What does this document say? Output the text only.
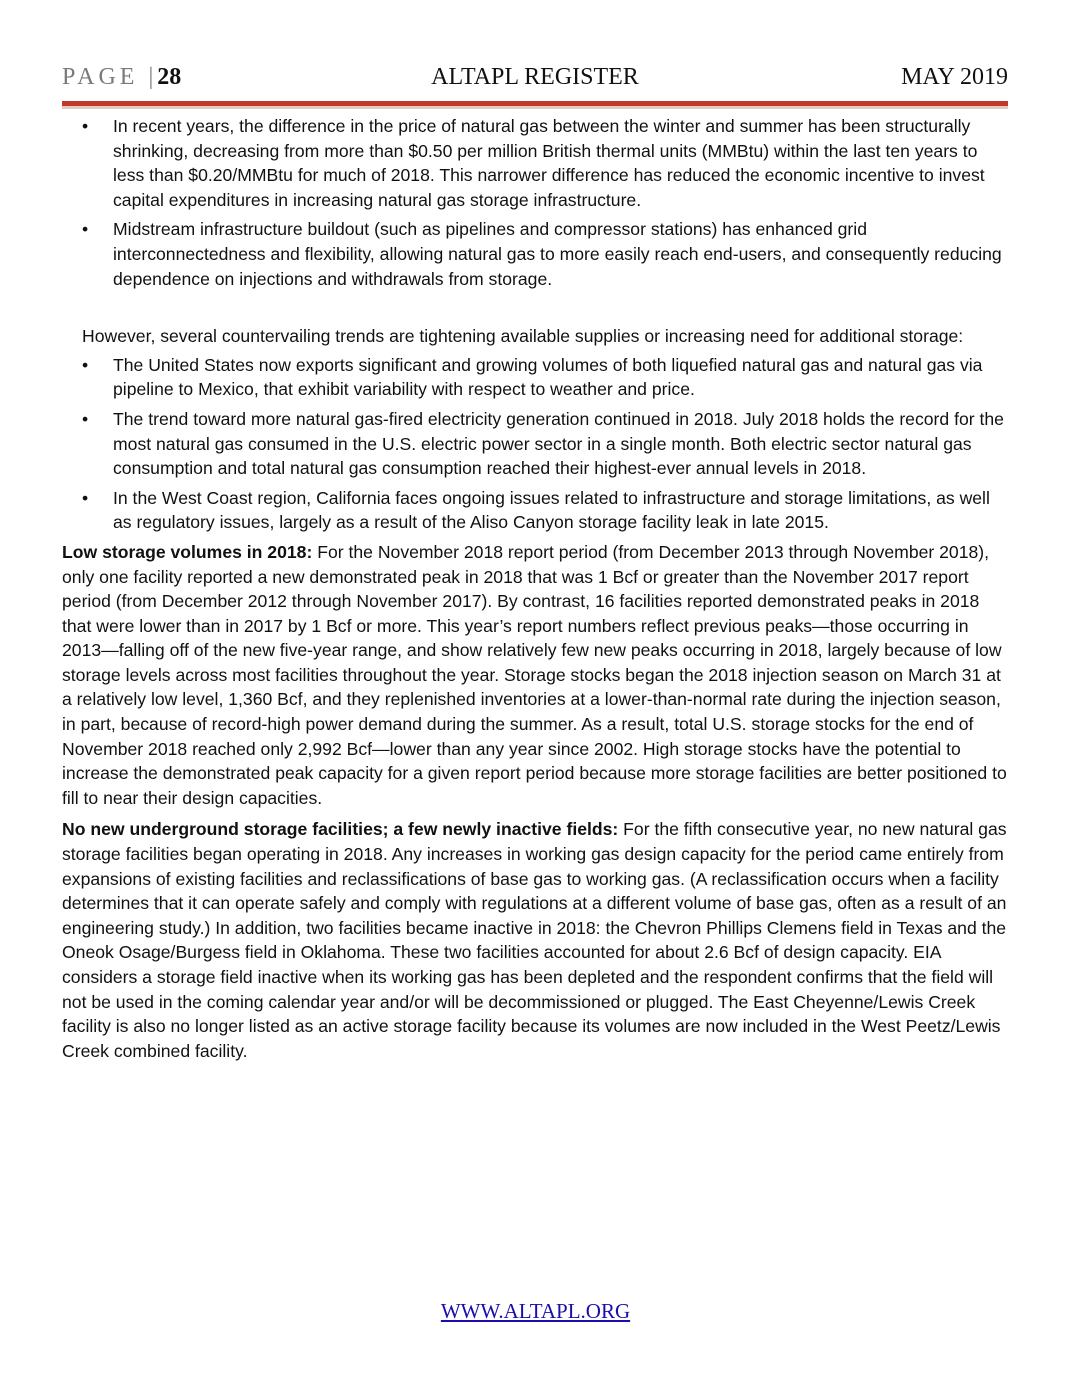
PAGE | 28	ALTAPL REGISTER	MAY 2019
• In recent years, the difference in the price of natural gas between the winter and summer has been structurally shrinking, decreasing from more than $0.50 per million British thermal units (MMBtu) within the last ten years to less than $0.20/MMBtu for much of 2018. This narrower difference has reduced the economic incentive to invest capital expenditures in increasing natural gas storage infrastructure.
• Midstream infrastructure buildout (such as pipelines and compressor stations) has enhanced grid interconnectedness and flexibility, allowing natural gas to more easily reach end-users, and consequently reducing dependence on injections and withdrawals from storage.

However, several countervailing trends are tightening available supplies or increasing need for additional storage:

• The United States now exports significant and growing volumes of both liquefied natural gas and natural gas via pipeline to Mexico, that exhibit variability with respect to weather and price.
• The trend toward more natural gas-fired electricity generation continued in 2018. July 2018 holds the record for the most natural gas consumed in the U.S. electric power sector in a single month. Both electric sector natural gas consumption and total natural gas consumption reached their highest-ever annual levels in 2018.
• In the West Coast region, California faces ongoing issues related to infrastructure and storage limitations, as well as regulatory issues, largely as a result of the Aliso Canyon storage facility leak in late 2015.

Low storage volumes in 2018: For the November 2018 report period (from December 2013 through November 2018), only one facility reported a new demonstrated peak in 2018 that was 1 Bcf or greater than the November 2017 report period (from December 2012 through November 2017). By contrast, 16 facilities reported demonstrated peaks in 2018 that were lower than in 2017 by 1 Bcf or more. This year’s report numbers reflect previous peaks—those occurring in 2013—falling off of the new five-year range, and show relatively few new peaks occurring in 2018, largely because of low storage levels across most facilities throughout the year. Storage stocks began the 2018 injection season on March 31 at a relatively low level, 1,360 Bcf, and they replenished inventories at a lower-than-normal rate during the injection season, in part, because of record-high power demand during the summer. As a result, total U.S. storage stocks for the end of November 2018 reached only 2,992 Bcf—lower than any year since 2002. High storage stocks have the potential to increase the demonstrated peak capacity for a given report period because more storage facilities are better positioned to fill to near their design capacities.

No new underground storage facilities; a few newly inactive fields: For the fifth consecutive year, no new natural gas storage facilities began operating in 2018. Any increases in working gas design capacity for the period came entirely from expansions of existing facilities and reclassifications of base gas to working gas. (A reclassification occurs when a facility determines that it can operate safely and comply with regulations at a different volume of base gas, often as a result of an engineering study.) In addition, two facilities became inactive in 2018: the Chevron Phillips Clemens field in Texas and the Oneok Osage/Burgess field in Oklahoma. These two facilities accounted for about 2.6 Bcf of design capacity. EIA considers a storage field inactive when its working gas has been depleted and the respondent confirms that the field will not be used in the coming calendar year and/or will be decommissioned or plugged. The East Cheyenne/Lewis Creek facility is also no longer listed as an active storage facility because its volumes are now included in the West Peetz/Lewis Creek combined facility.

WWW.ALTAPL.ORG
